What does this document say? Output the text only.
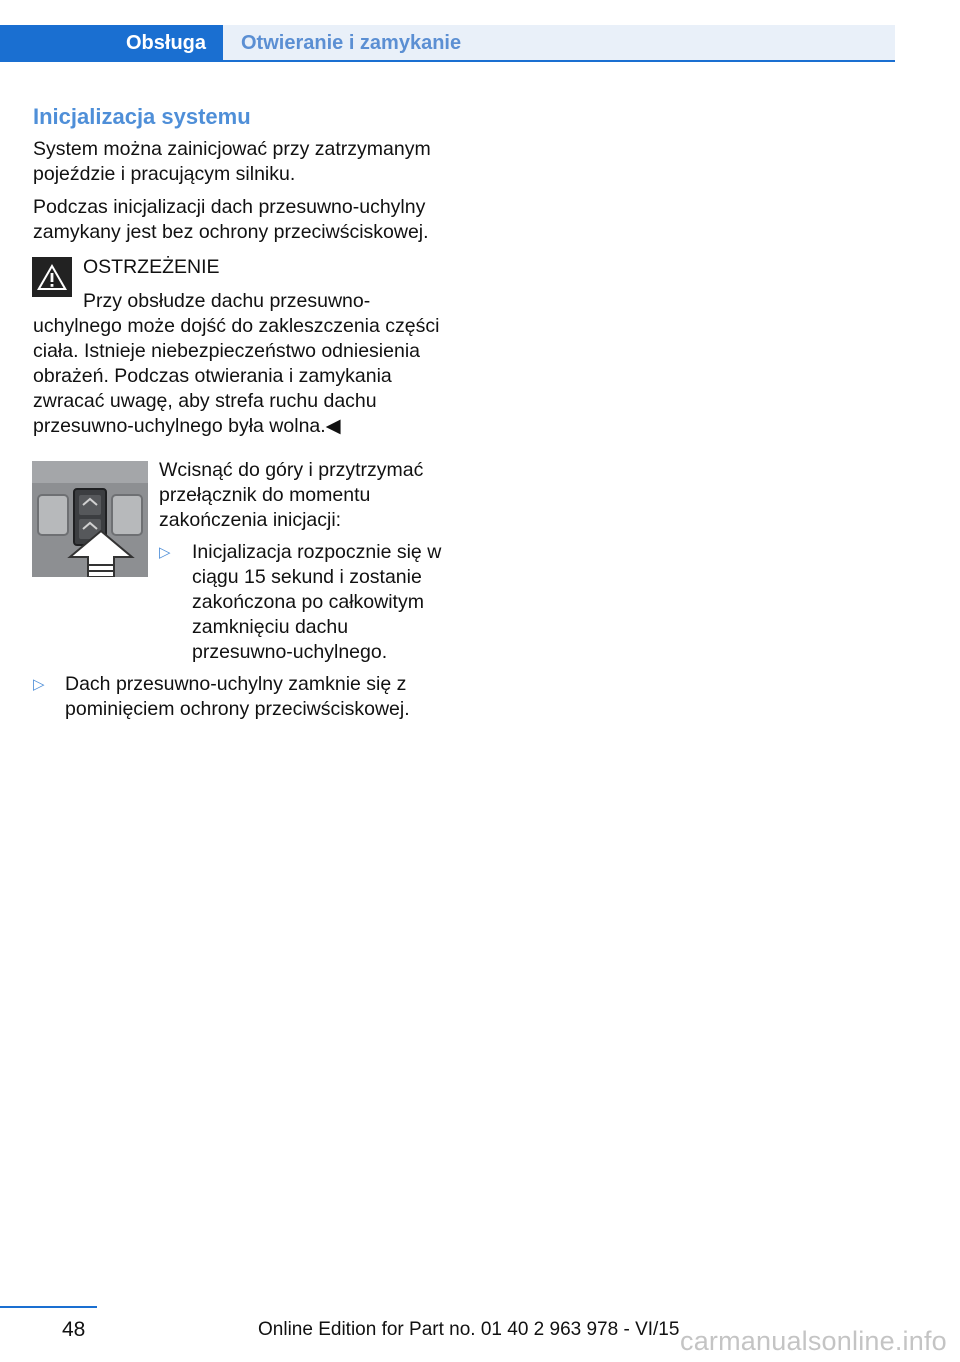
Obsługa Otwieranie i zamykanie
Inicjalizacja systemu

System można zainicjować przy zatrzymanym pojeździe i pracującym silniku.

Podczas inicjalizacji dach przesuwno-uchylny zamykany jest bez ochrony przeciwściskowej.

OSTRZEŻENIE

Przy obsłudze dachu przesuwno-uchylnego może dojść do zakleszczenia części ciała. Istnieje niebezpieczeństwo odniesienia obrażeń. Podczas otwierania i zamykania zwracać uwagę, aby strefa ruchu dachu przesuwno-uchylnego była wolna.◀

Wcisnąć do góry i przytrzymać przełącznik do momentu zakończenia inicjacji:

▷ Inicjalizacja rozpocznie się w ciągu 15 sekund i zostanie zakończona po całkowitym zamknięciu dachu przesuwno-uchylnego.
▷ Dach przesuwno-uchylny zamknie się z pominięciem ochrony przeciwściskowej.
48	Online Edition for Part no. 01 40 2 963 978 - VI/15 carmanualsonline.info
